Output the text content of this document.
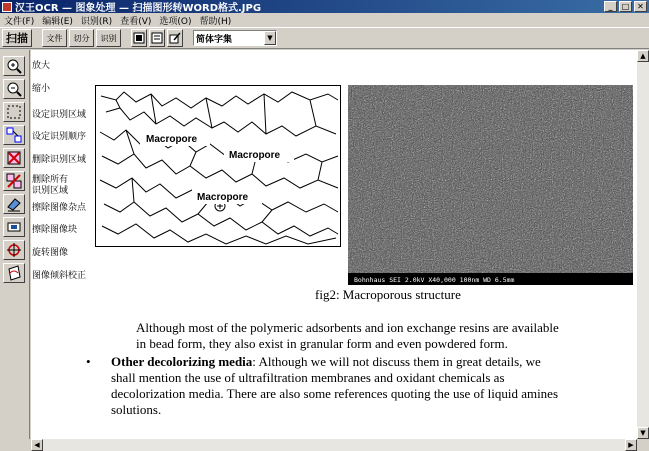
汉王OCR — 图象处理 — 扫描图形转WORD格式.JPG	_	□ ✕
文件(F) 编辑(E) 识别(R) 查看(V) 选项(O) 帮助(H)
扫描	文件	切分	识别	简体字集	▼
放大
缩小
设定识别区域
设定识别顺序
删除识别区域
删除所有识别区域
擦除图像杂点
擦除图像块
旋转图像
图像倾斜校正
Macropore
Macropore
Macropore
Bohnhaus SEI 2.0kV X40,000 100nm WD 6.5mm
fig2: Macroporous structure
Although most of the polymeric adsorbents and ion exchange resins are available
in bead form, they also exist in granular form and even powdered form.
• Other decolorizing media: Although we will not discuss them in great details, we
shall mention the use of ultrafiltration membranes and oxidant chemicals as
decolorization media. There are also some references quoting the use of liquid amines
solutions.
▲
▼
◀	▶
